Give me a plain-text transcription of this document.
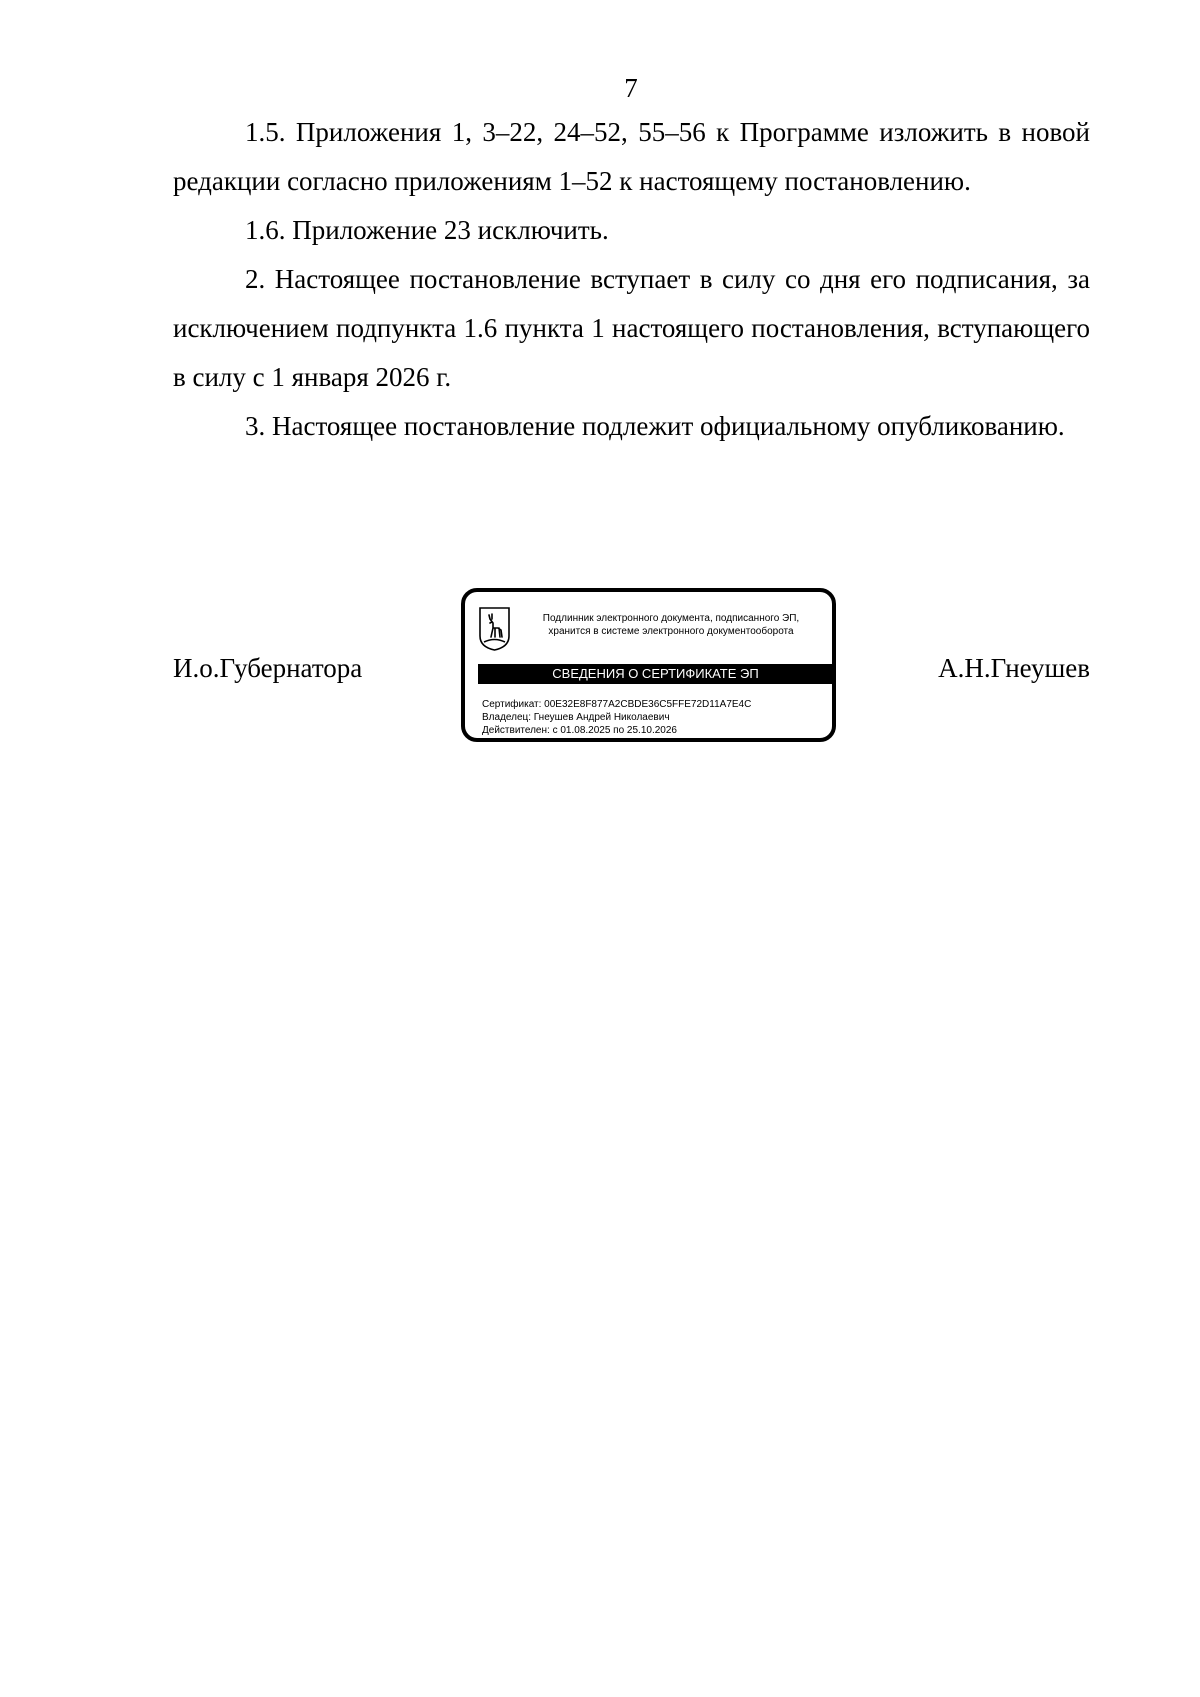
7

1.5. Приложения 1, 3–22, 24–52, 55–56 к Программе изложить в новой редакции согласно приложениям 1–52 к настоящему постановлению.

1.6. Приложение 23 исключить.

2. Настоящее постановление вступает в силу со дня его подписания, за исключением подпункта 1.6 пункта 1 настоящего постановления, вступающего в силу с 1 января 2026 г.

3. Настоящее постановление подлежит официальному опубликованию.

И.о.Губернатора
Подлинник электронного документа, подписанного ЭП,
хранится в системе электронного документооборота
СВЕДЕНИЯ О СЕРТИФИКАТЕ ЭП
Сертификат: 00E32E8F877A2CBDE36C5FFE72D11A7E4C
Владелец: Гнеушев Андрей Николаевич
Действителен: с 01.08.2025 по 25.10.2026
А.Н.Гнеушев
